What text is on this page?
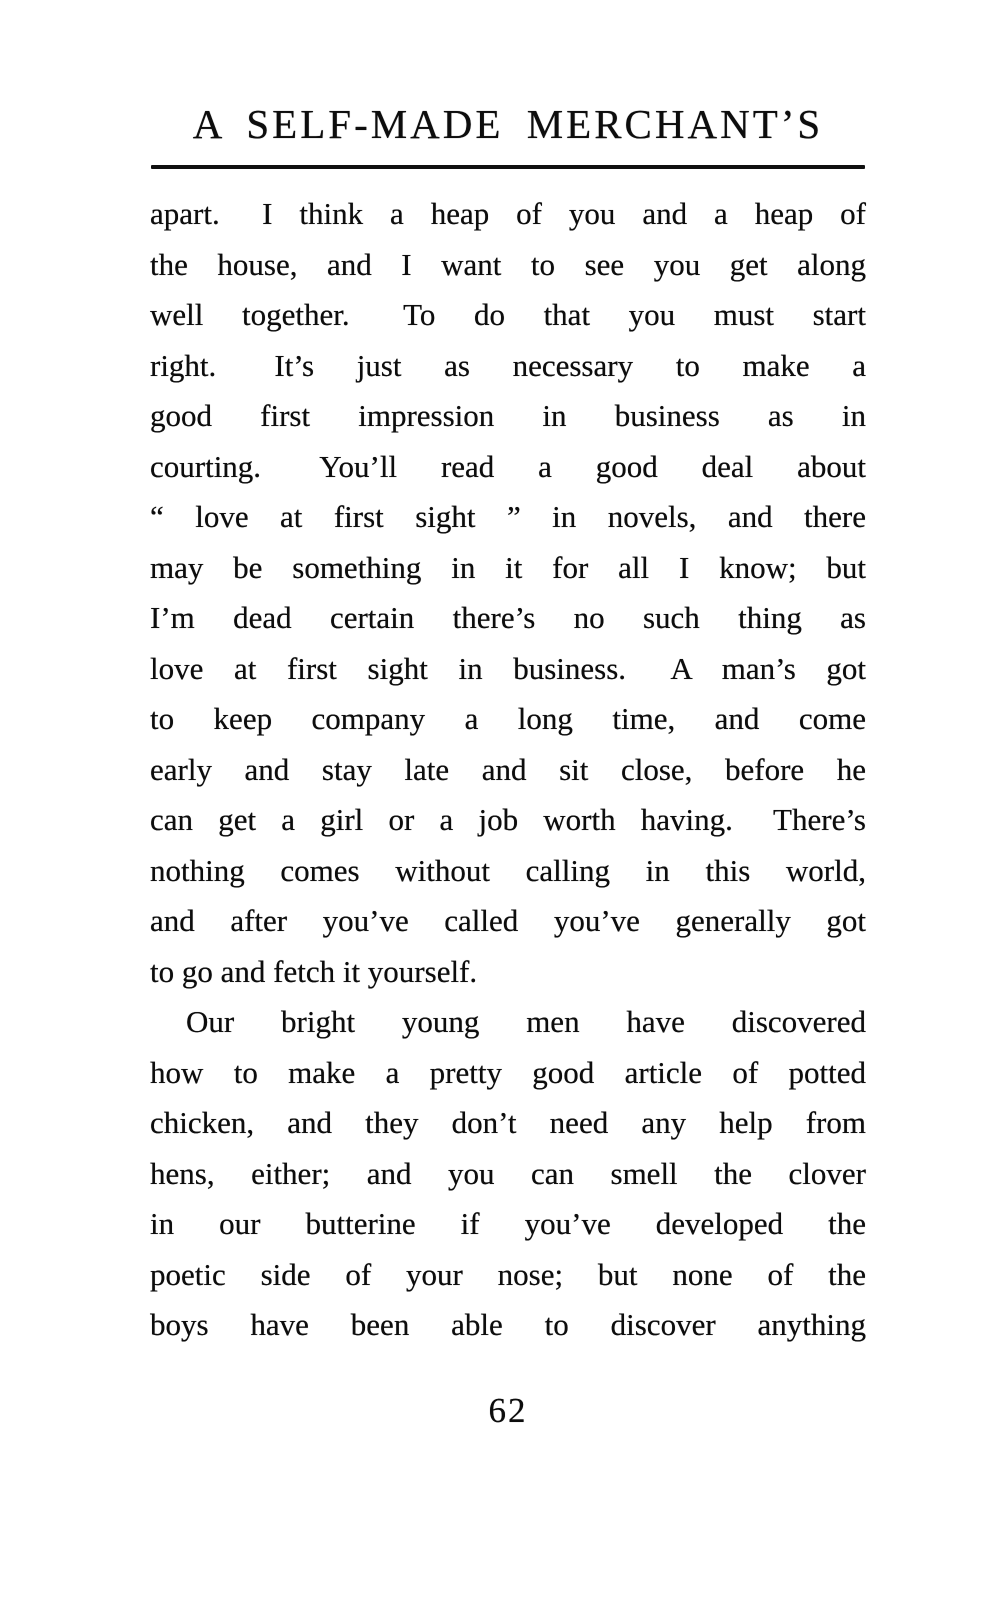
A SELF-MADE MERCHANT’S
apart.  I think a heap of you and a heap of
the house, and I want to see you get along
well together.  To do that you must start
right.  It’s just as necessary to make a
good first impression in business as in
courting.  You’ll read a good deal about
“ love at first sight ” in novels, and there
may be something in it for all I know; but
I’m dead certain there’s no such thing as
love at first sight in business.  A man’s got
to keep company a long time, and come
early and stay late and sit close, before he
can get a girl or a job worth having.  There’s
nothing comes without calling in this world,
and after you’ve called you’ve generally got
to go and fetch it yourself.
Our bright young men have discovered
how to make a pretty good article of potted
chicken, and they don’t need any help from
hens, either; and you can smell the clover
in our butterine if you’ve developed the
poetic side of your nose; but none of the
boys have been able to discover anything
62
